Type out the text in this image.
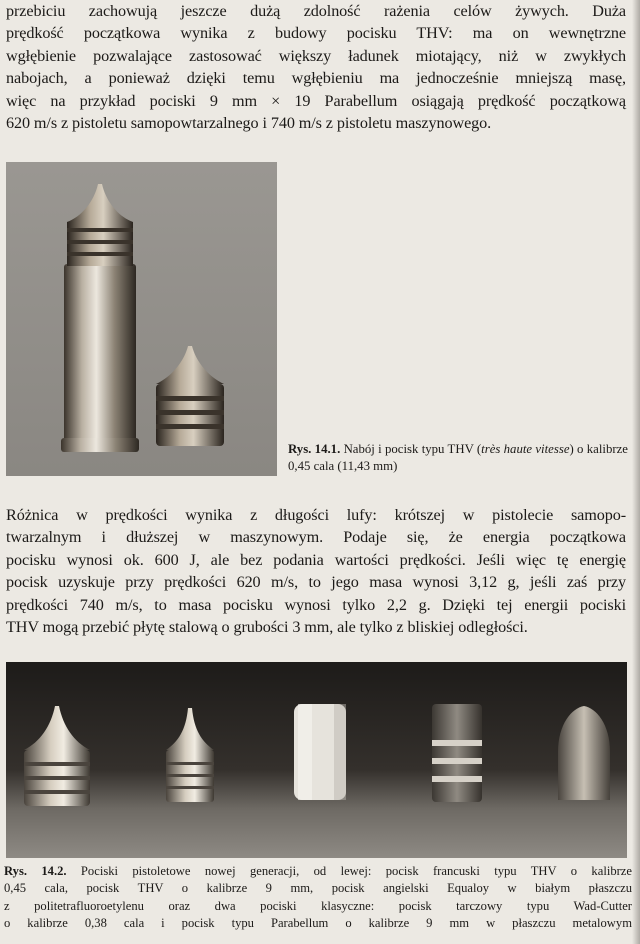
przebiciu zachowują jeszcze dużą zdolność rażenia celów żywych. Duża
prędkość początkowa wynika z budowy pocisku THV: ma on wewnętrzne
wgłębienie pozwalające zastosować większy ładunek miotający, niż w zwykłych
nabojach, a ponieważ dzięki temu wgłębieniu ma jednocześnie mniejszą masę,
więc na przykład pociski 9 mm × 19 Parabellum osiągają prędkość początkową
620 m/s z pistoletu samopowtarzalnego i 740 m/s z pistoletu maszynowego.

Rys. 14.1. Nabój i pocisk typu THV (très haute vitesse) o kalibrze 0,45 cala (11,43 mm)
Różnica w prędkości wynika z długości lufy: krótszej w pistolecie samopo-
twarzalnym i dłuższej w maszynowym. Podaje się, że energia początkowa
pocisku wynosi ok. 600 J, ale bez podania wartości prędkości. Jeśli więc tę energię
pocisk uzyskuje przy prędkości 620 m/s, to jego masa wynosi 3,12 g, jeśli zaś przy
prędkości 740 m/s, to masa pocisku wynosi tylko 2,2 g. Dzięki tej energii pociski
THV mogą przebić płytę stalową o grubości 3 mm, ale tylko z bliskiej odległości.
Rys. 14.2. Pociski pistoletowe nowej generacji, od lewej: pocisk francuski typu THV o kalibrze
0,45 cala, pocisk THV o kalibrze 9 mm, pocisk angielski Equaloy w białym płaszczu
z politetrafluoroetylenu oraz dwa pociski klasyczne: pocisk tarczowy typu Wad-Cutter
o kalibrze 0,38 cala i pocisk typu Parabellum o kalibrze 9 mm w płaszczu metalowym
